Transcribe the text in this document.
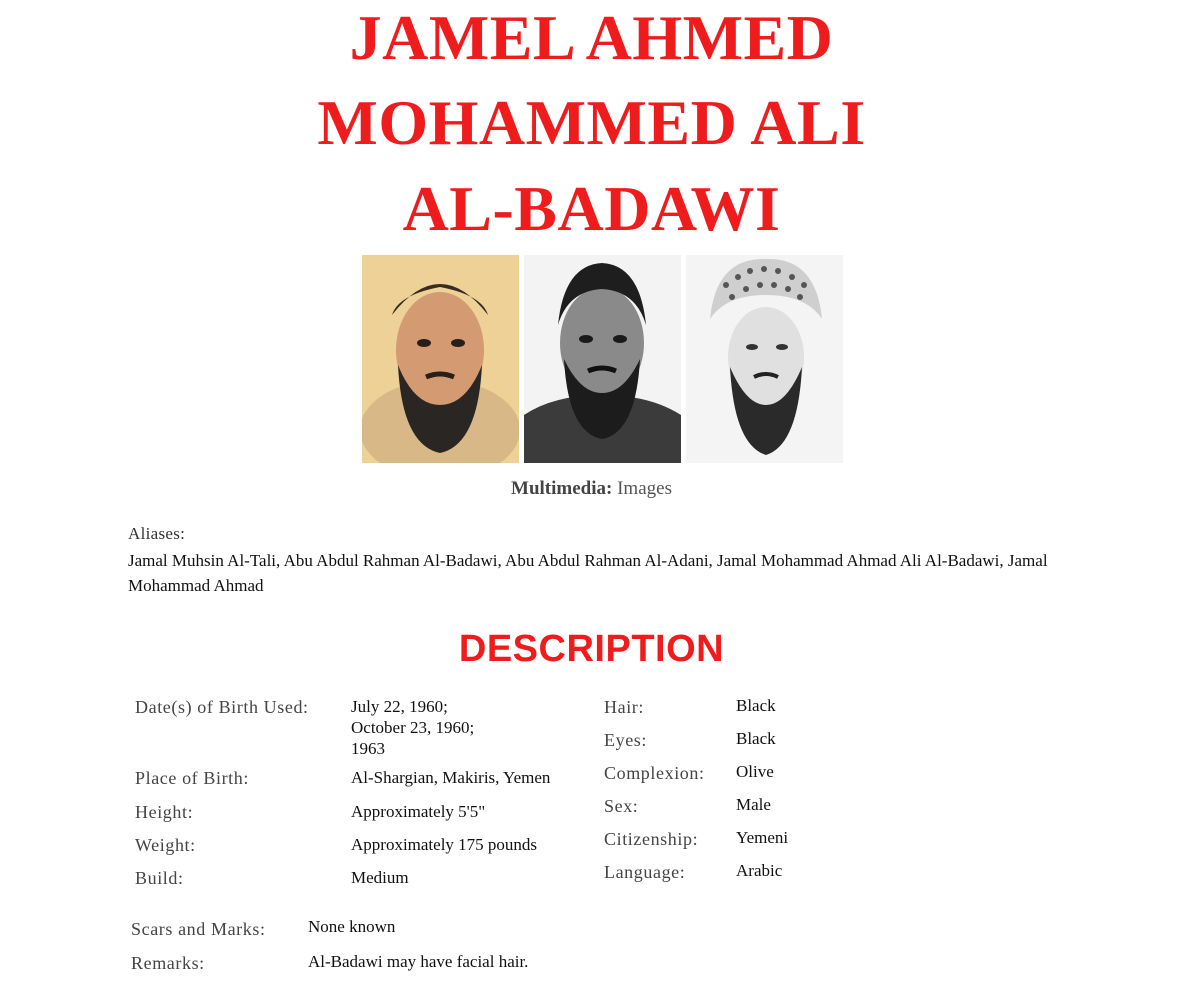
JAMEL AHMED
MOHAMMED ALI
AL-BADAWI
Multimedia: Images
Aliases:
Jamal Muhsin Al-Tali, Abu Abdul Rahman Al-Badawi, Abu Abdul Rahman Al-Adani, Jamal Mohammad Ahmad Ali Al-Badawi, Jamal Mohammad Ahmad
DESCRIPTION
Date(s) of Birth Used: July 22, 1960;
October 23, 1960;
1963
Place of Birth:	Al-Shargian, Makiris, Yemen
Height:	Approximately 5'5"
Weight:	Approximately 175 pounds
Build:	Medium
Hair:	Black
Eyes:	Black
Complexion: Olive
Sex:	Male
Citizenship: Yemeni
Language:	Arabic
Scars and Marks: None known
Remarks:	Al-Badawi may have facial hair.
